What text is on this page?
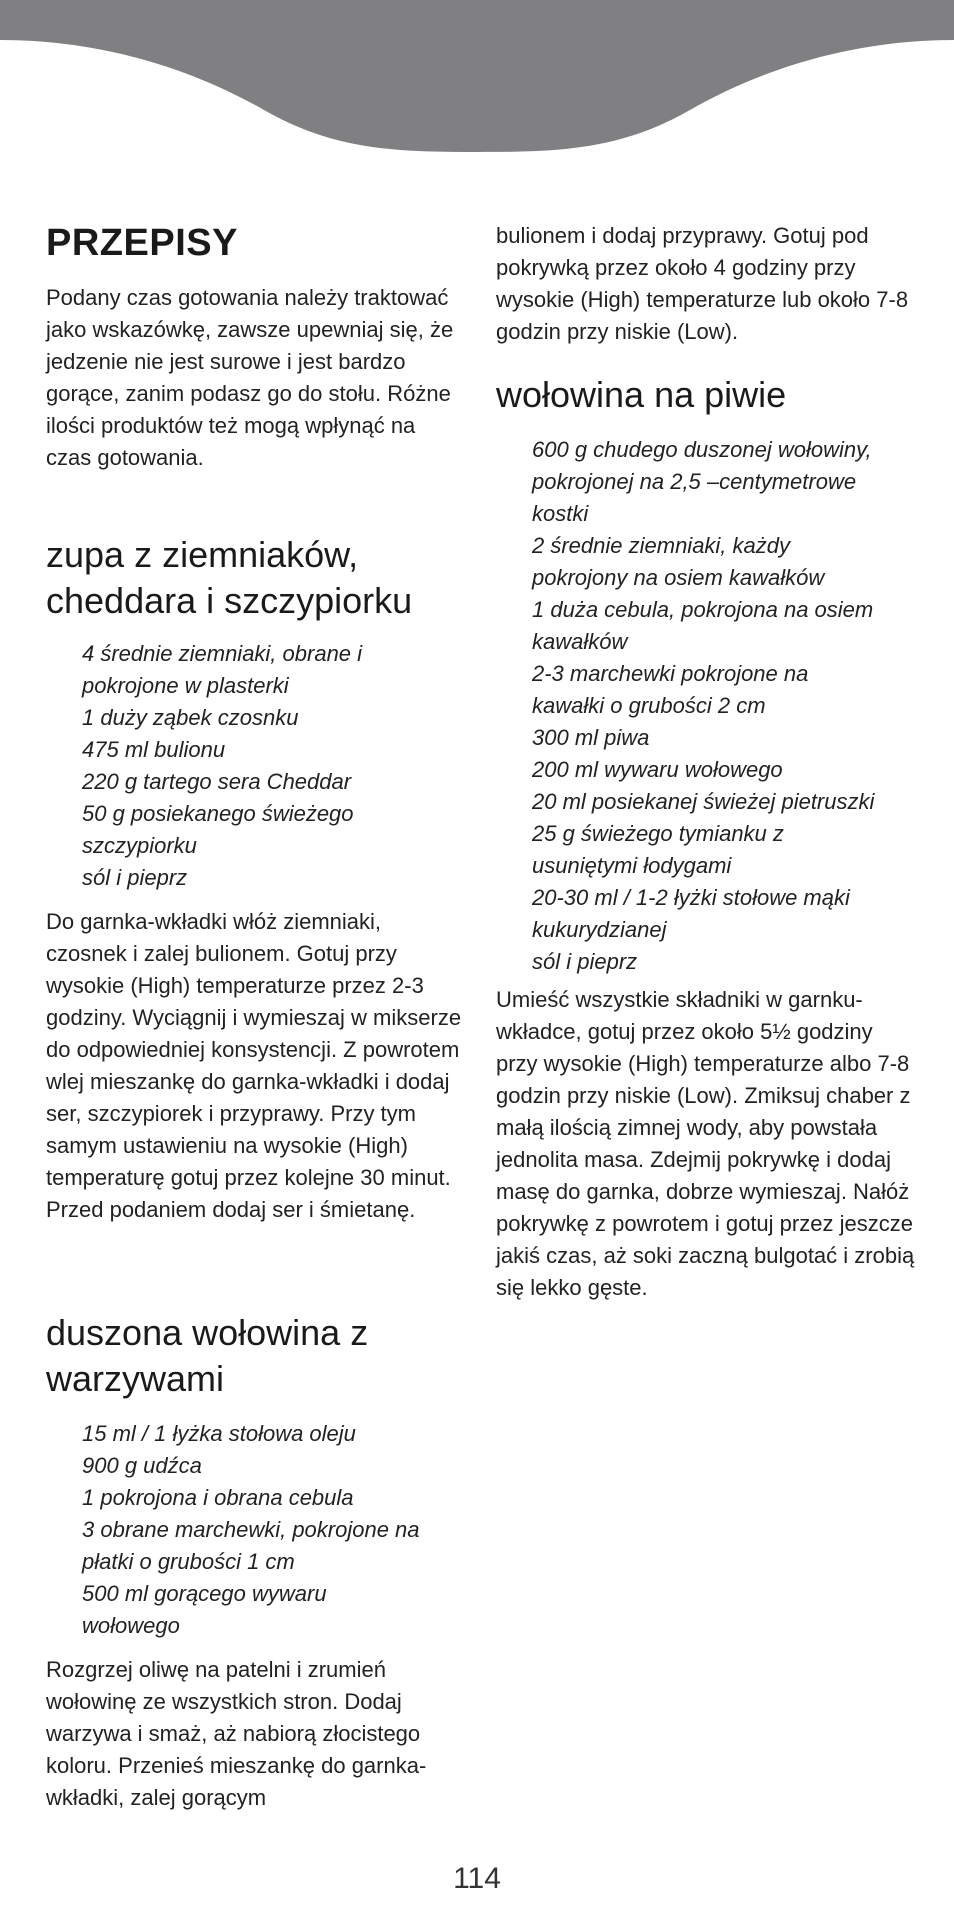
PRZEPISY

Podany czas gotowania należy traktować jako wskazówkę, zawsze upewniaj się, że jedzenie nie jest surowe i jest bardzo gorące, zanim podasz go do stołu. Różne ilości produktów też mogą wpłynąć na czas gotowania.

zupa z ziemniaków,
cheddara i szczypiorku
4 średnie ziemniaki, obrane i
pokrojone w plasterki
1 duży ząbek czosnku
475 ml bulionu
220 g tartego sera Cheddar
50 g posiekanego świeżego
szczypiorku
sól i pieprz

Do garnka-wkładki włóż ziemniaki, czosnek i zalej bulionem. Gotuj przy wysokie (High) temperaturze przez 2-3 godziny. Wyciągnij i wymieszaj w mikserze do odpowiedniej konsystencji. Z powrotem wlej mieszankę do garnka-wkładki i dodaj ser, szczypiorek i przyprawy. Przy tym samym ustawieniu na wysokie (High) temperaturę gotuj przez kolejne 30 minut. Przed podaniem dodaj ser i śmietanę.

duszona wołowina z
warzywami
15 ml / 1 łyżka stołowa oleju
900 g udźca
1 pokrojona i obrana cebula
3 obrane marchewki, pokrojone na
płatki o grubości 1 cm
500 ml gorącego wywaru
wołowego

Rozgrzej oliwę na patelni i zrumień wołowinę ze wszystkich stron. Dodaj warzywa i smaż, aż nabiorą złocistego koloru. Przenieś mieszankę do garnka-wkładki, zalej gorącym

bulionem i dodaj przyprawy. Gotuj pod pokrywką przez około 4 godziny przy wysokie (High) temperaturze lub około 7-8 godzin przy niskie (Low).

wołowina na piwie
600 g chudego duszonej wołowiny,
pokrojonej na 2,5 –centymetrowe
kostki
2 średnie ziemniaki, każdy
pokrojony na osiem kawałków
1 duża cebula, pokrojona na osiem
kawałków
2-3 marchewki pokrojone na
kawałki o grubości 2 cm
300 ml piwa
200 ml wywaru wołowego
20 ml posiekanej świeżej pietruszki
25 g świeżego tymianku z
usuniętymi łodygami
20-30 ml / 1-2 łyżki stołowe mąki
kukurydzianej
sól i pieprz

Umieść wszystkie składniki w garnku-wkładce, gotuj przez około 5½ godziny przy wysokie (High) temperaturze albo 7-8 godzin przy niskie (Low). Zmiksuj chaber z małą ilością zimnej wody, aby powstała jednolita masa. Zdejmij pokrywkę i dodaj masę do garnka, dobrze wymieszaj. Nałóż pokrywkę z powrotem i gotuj przez jeszcze jakiś czas, aż soki zaczną bulgotać i zrobią się lekko gęste.

114
